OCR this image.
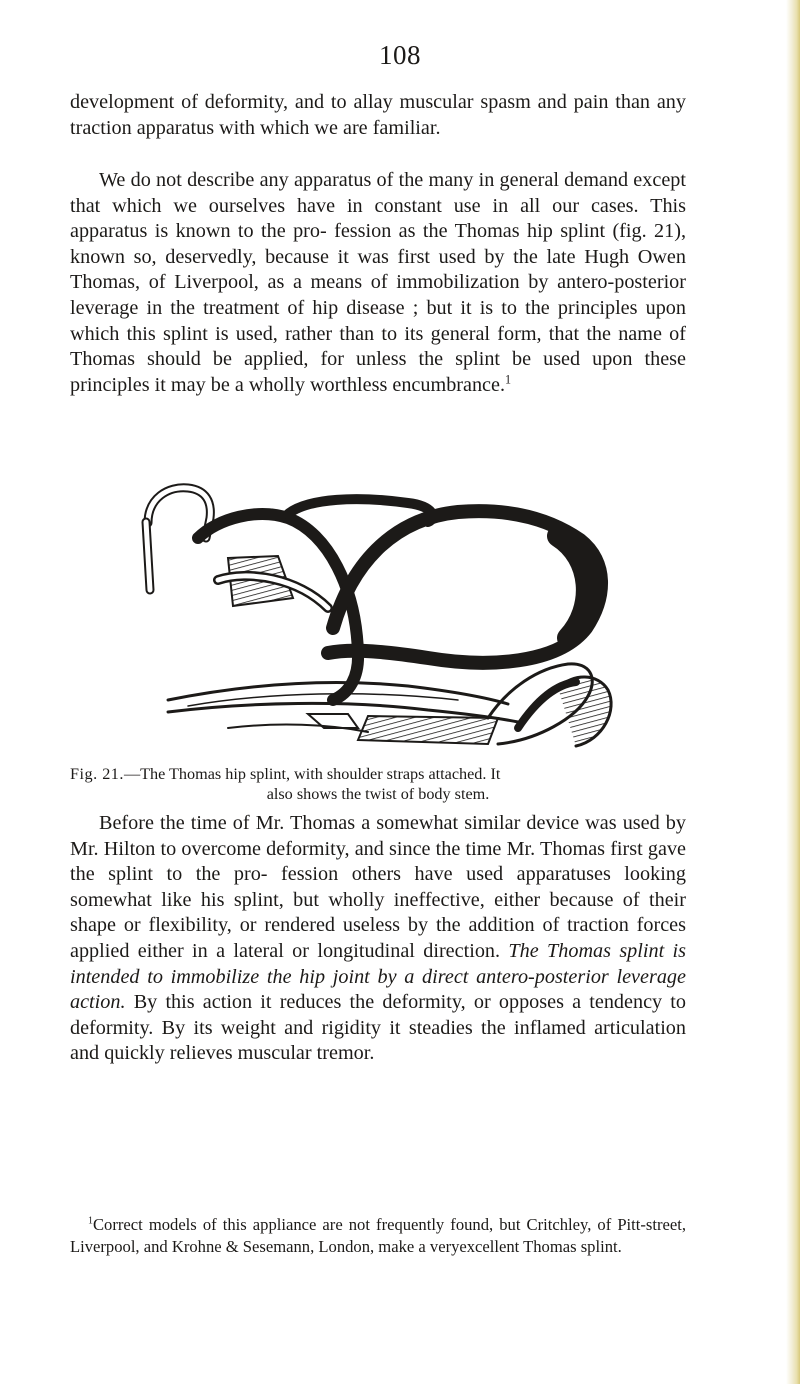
108

development of deformity, and to allay muscular spasm and pain than any traction apparatus with which we are familiar.

We do not describe any apparatus of the many in general demand except that which we ourselves have in constant use in all our cases. This apparatus is known to the pro- fession as the Thomas hip splint (fig. 21), known so, deservedly, because it was first used by the late Hugh Owen Thomas, of Liverpool, as a means of immobilization by antero-posterior leverage in the treatment of hip disease ; but it is to the principles upon which this splint is used, rather than to its general form, that the name of Thomas should be applied, for unless the splint be used upon these principles it may be a wholly worthless encumbrance.$^1$

Fig. 21.—The Thomas hip splint, with shoulder straps attached. It
also shows the twist of body stem.

Before the time of Mr. Thomas a somewhat similar device was used by Mr. Hilton to overcome deformity, and since the time Mr. Thomas first gave the splint to the pro- fession others have used apparatuses looking somewhat like his splint, but wholly ineffective, either because of their shape or flexibility, or rendered useless by the addition of traction forces applied either in a lateral or longitudinal direction. The Thomas splint is intended to immobilize the hip joint by a direct antero-posterior leverage action. By this action it reduces the deformity, or opposes a tendency to deformity. By its weight and rigidity it steadies the inflamed articulation and quickly relieves muscular tremor.

$^1$Correct models of this appliance are not frequently found, but Critchley, of Pitt-street, Liverpool, and Krohne & Sesemann, London, make a veryexcellent Thomas splint.
